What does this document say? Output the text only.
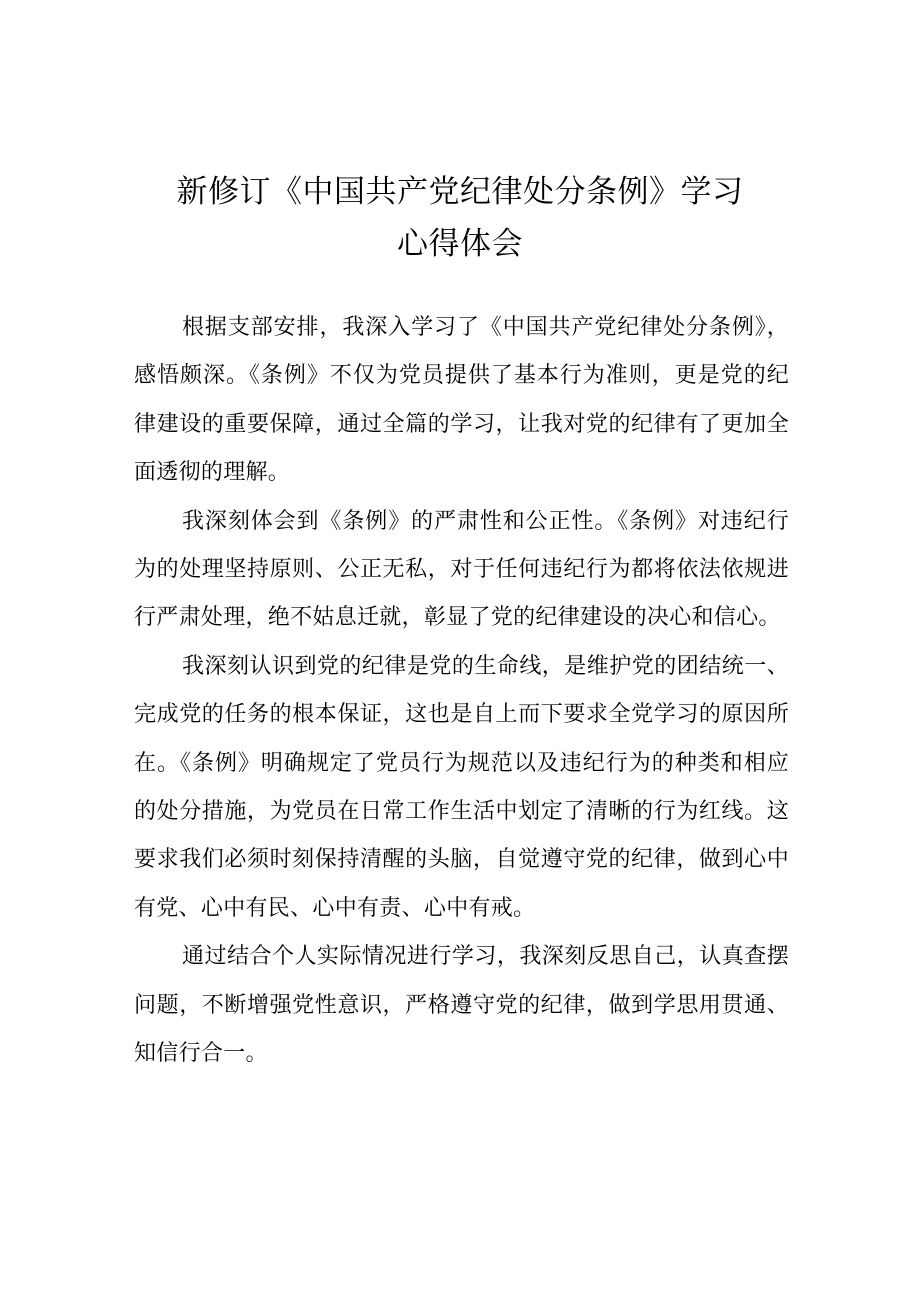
新修订《中国共产党纪律处分条例》学习
心得体会

根据支部安排，我深入学习了《中国共产党纪律处分条例》，感悟颇深。《条例》不仅为党员提供了基本行为准则，更是党的纪律建设的重要保障，通过全篇的学习，让我对党的纪律有了更加全面透彻的理解。

我深刻体会到《条例》的严肃性和公正性。《条例》对违纪行为的处理坚持原则、公正无私，对于任何违纪行为都将依法依规进行严肃处理，绝不姑息迁就，彰显了党的纪律建设的决心和信心。

我深刻认识到党的纪律是党的生命线，是维护党的团结统一、完成党的任务的根本保证，这也是自上而下要求全党学习的原因所在。《条例》明确规定了党员行为规范以及违纪行为的种类和相应的处分措施，为党员在日常工作生活中划定了清晰的行为红线。这要求我们必须时刻保持清醒的头脑，自觉遵守党的纪律，做到心中有党、心中有民、心中有责、心中有戒。

通过结合个人实际情况进行学习，我深刻反思自己，认真查摆问题，不断增强党性意识，严格遵守党的纪律，做到学思用贯通、知信行合一。
